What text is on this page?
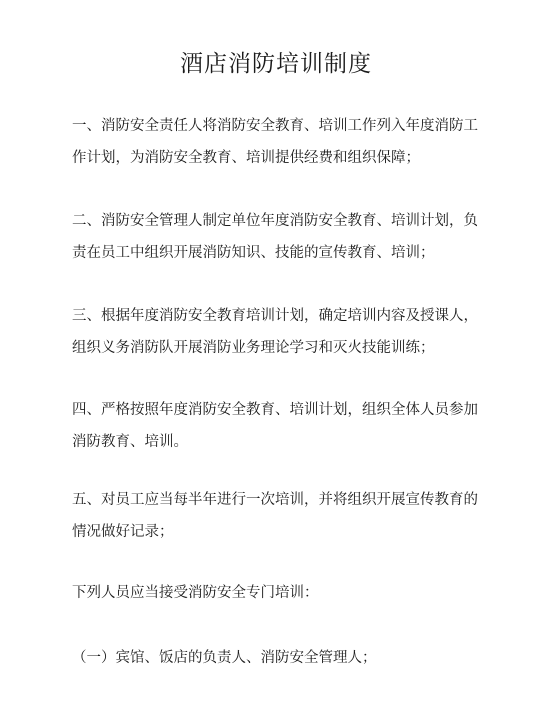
酒店消防培训制度

一、消防安全责任人将消防安全教育、培训工作列入年度消防工
作计划，为消防安全教育、培训提供经费和组织保障；

二、消防安全管理人制定单位年度消防安全教育、培训计划，负
责在员工中组织开展消防知识、技能的宣传教育、培训；

三、根据年度消防安全教育培训计划，确定培训内容及授课人，
组织义务消防队开展消防业务理论学习和灭火技能训练；

四、严格按照年度消防安全教育、培训计划，组织全体人员参加
消防教育、培训。

五、对员工应当每半年进行一次培训，并将组织开展宣传教育的
情况做好记录；

下列人员应当接受消防安全专门培训：

（一）宾馆、饭店的负责人、消防安全管理人；
